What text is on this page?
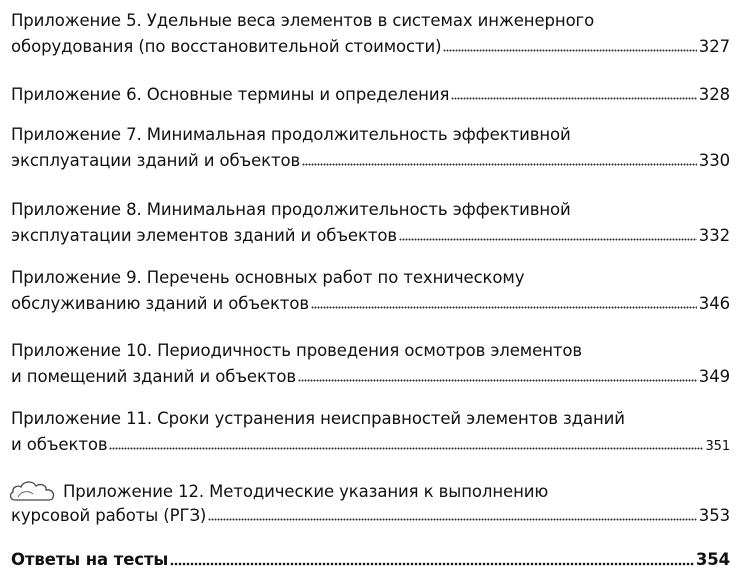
Приложение 5. Удельные веса элементов в системах инженерного
оборудования (по восстановительной стоимости)	327
Приложение 6. Основные термины и определения	328
Приложение 7. Минимальная продолжительность эффективной
эксплуатации зданий и объектов	330
Приложение 8. Минимальная продолжительность эффективной
эксплуатации элементов зданий и объектов	332
Приложение 9. Перечень основных работ по техническому
обслуживанию зданий и объектов	346
Приложение 10. Периодичность проведения осмотров элементов
и помещений зданий и объектов	349
Приложение 11. Сроки устранения неисправностей элементов зданий
и объектов	351
Приложение 12. Методические указания к выполнению
курсовой работы (РГЗ)	353
Ответы на тесты	354
